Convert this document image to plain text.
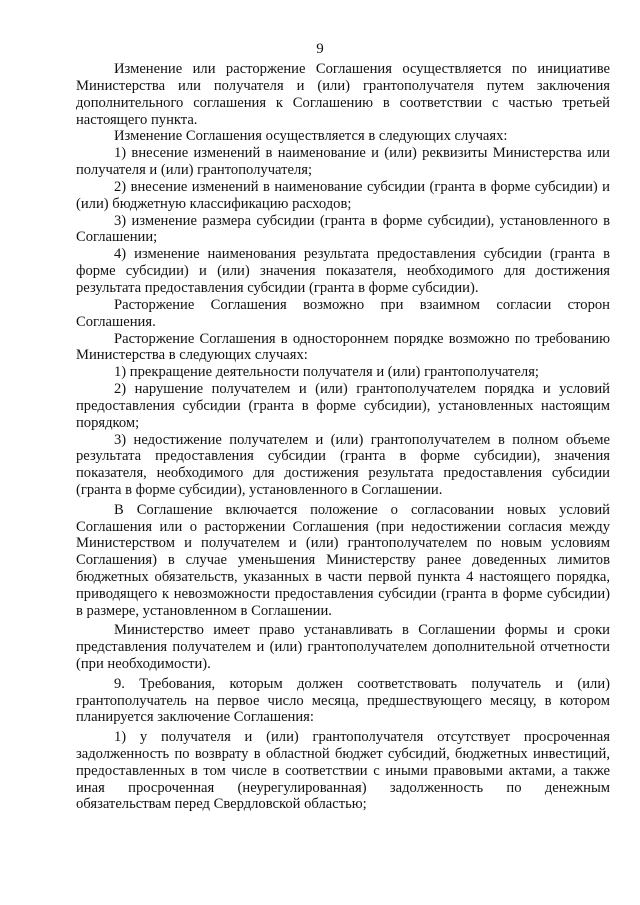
9

Изменение или расторжение Соглашения осуществляется по инициативе Министерства или получателя и (или) грантополучателя путем заключения дополнительного соглашения к Соглашению в соответствии с частью третьей настоящего пункта.

Изменение Соглашения осуществляется в следующих случаях:

1) внесение изменений в наименование и (или) реквизиты Министерства или получателя и (или) грантополучателя;

2) внесение изменений в наименование субсидии (гранта в форме субсидии) и (или) бюджетную классификацию расходов;

3) изменение размера субсидии (гранта в форме субсидии), установленного в Соглашении;

4) изменение наименования результата предоставления субсидии (гранта в форме субсидии) и (или) значения показателя, необходимого для достижения результата предоставления субсидии (гранта в форме субсидии).

Расторжение Соглашения возможно при взаимном согласии сторон Соглашения.

Расторжение Соглашения в одностороннем порядке возможно по требованию Министерства в следующих случаях:

1) прекращение деятельности получателя и (или) грантополучателя;

2) нарушение получателем и (или) грантополучателем порядка и условий предоставления субсидии (гранта в форме субсидии), установленных настоящим порядком;

3) недостижение получателем и (или) грантополучателем в полном объеме результата предоставления субсидии (гранта в форме субсидии), значения показателя, необходимого для достижения результата предоставления субсидии (гранта в форме субсидии), установленного в Соглашении.

В Соглашение включается положение о согласовании новых условий Соглашения или о расторжении Соглашения (при недостижении согласия между Министерством и получателем и (или) грантополучателем по новым условиям Соглашения) в случае уменьшения Министерству ранее доведенных лимитов бюджетных обязательств, указанных в части первой пункта 4 настоящего порядка, приводящего к невозможности предоставления субсидии (гранта в форме субсидии) в размере, установленном в Соглашении.

Министерство имеет право устанавливать в Соглашении формы и сроки представления получателем и (или) грантополучателем дополнительной отчетности (при необходимости).

9. Требования, которым должен соответствовать получатель и (или) грантополучатель на первое число месяца, предшествующего месяцу, в котором планируется заключение Соглашения:

1) у получателя и (или) грантополучателя отсутствует просроченная задолженность по возврату в областной бюджет субсидий, бюджетных инвестиций, предоставленных в том числе в соответствии с иными правовыми актами, а также иная просроченная (неурегулированная) задолженность по денежным обязательствам перед Свердловской областью;
